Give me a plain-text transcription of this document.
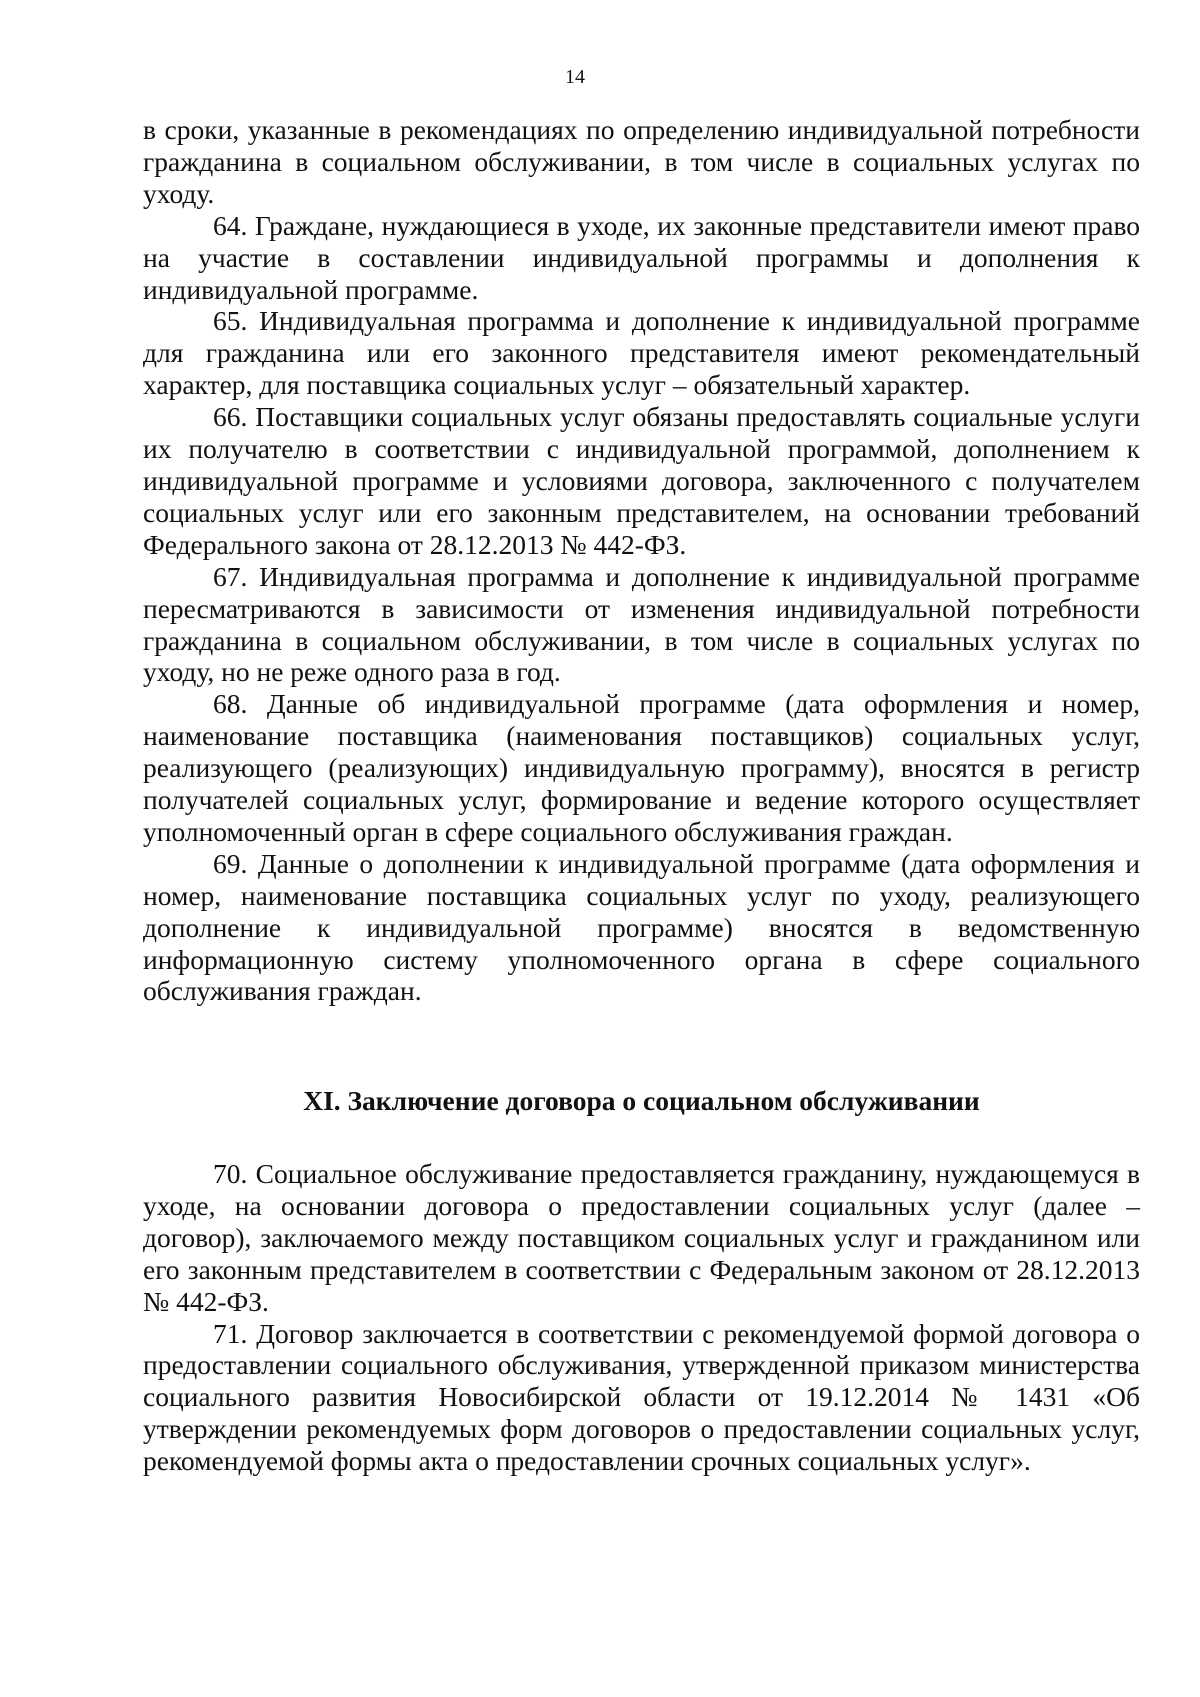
14

в сроки, указанные в рекомендациях по определению индивидуальной потребности гражданина в социальном обслуживании, в том числе в социальных услугах по уходу.

64. Граждане, нуждающиеся в уходе, их законные представители имеют право на участие в составлении индивидуальной программы и дополнения к индивидуальной программе.

65. Индивидуальная программа и дополнение к индивидуальной программе для гражданина или его законного представителя имеют рекомендательный характер, для поставщика социальных услуг – обязательный характер.

66. Поставщики социальных услуг обязаны предоставлять социальные услуги их получателю в соответствии с индивидуальной программой, дополнением к индивидуальной программе и условиями договора, заключенного с получателем социальных услуг или его законным представителем, на основании требований Федерального закона от 28.12.2013 № 442-ФЗ.

67. Индивидуальная программа и дополнение к индивидуальной программе пересматриваются в зависимости от изменения индивидуальной потребности гражданина в социальном обслуживании, в том числе в социальных услугах по уходу, но не реже одного раза в год.

68. Данные об индивидуальной программе (дата оформления и номер, наименование поставщика (наименования поставщиков) социальных услуг, реализующего (реализующих) индивидуальную программу), вносятся в регистр получателей социальных услуг, формирование и ведение которого осуществляет уполномоченный орган в сфере социального обслуживания граждан.

69. Данные о дополнении к индивидуальной программе (дата оформления и номер, наименование поставщика социальных услуг по уходу, реализующего дополнение к индивидуальной программе) вносятся в ведомственную информационную систему уполномоченного органа в сфере социального обслуживания граждан.

XI. Заключение договора о социальном обслуживании

70. Социальное обслуживание предоставляется гражданину, нуждающемуся в уходе, на основании договора о предоставлении социальных услуг (далее – договор), заключаемого между поставщиком социальных услуг и гражданином или его законным представителем в соответствии с Федеральным законом от 28.12.2013 № 442-ФЗ.

71. Договор заключается в соответствии с рекомендуемой формой договора о предоставлении социального обслуживания, утвержденной приказом министерства социального развития Новосибирской области от 19.12.2014 № 1431 «Об утверждении рекомендуемых форм договоров о предоставлении социальных услуг, рекомендуемой формы акта о предоставлении срочных социальных услуг».
